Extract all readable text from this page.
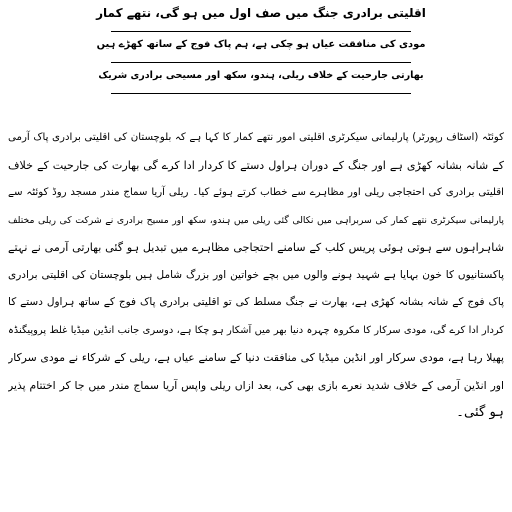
اقلیتی برادری جنگ میں صف اول میں ہو گی، نتھے کمار
مودی کی منافقت عیاں ہو چکی ہے، ہم پاک فوج کے ساتھ کھڑے ہیں
بھارتی جارحیت کے خلاف ریلی، ہندو، سکھ اور مسیحی برادری شریک
کوئٹہ (اسٹاف رپورٹر) پارلیمانی سیکرٹری اقلیتی امور نتھے کمار کا کہا ہے کہ بلوچستان کی اقلیتی برادری پاک آرمی
کے شانہ بشانہ کھڑی ہے اور جنگ کے دوران ہراول دستے کا کردار ادا کرے گی بھارت کی جارحیت کے خلاف
اقلیتی برادری کی احتجاجی ریلی اور مظاہرے سے خطاب کرتے ہوئے کیا۔ ریلی آریا سماج مندر مسجد روڈ کوئٹہ سے
پارلیمانی سیکرٹری نتھے کمار کی سربراہی میں نکالی گئی ریلی میں ہندو، سکھ اور مسیح برادری نے شرکت کی ریلی مختلف
شاہراہوں سے ہوتی ہوئی پریس کلب کے سامنے احتجاجی مظاہرے میں تبدیل ہو گئی بھارتی آرمی نے نہتے
پاکستانیوں کا خون بہایا ہے شہید ہونے والوں میں بچے خواتین اور بزرگ شامل ہیں بلوچستان کی اقلیتی برادری
پاک فوج کے شانہ بشانہ کھڑی ہے، بھارت نے جنگ مسلط کی تو اقلیتی برادری پاک فوج کے ساتھ ہراول دستے کا
کردار ادا کرے گی، مودی سرکار کا مکروہ چہرہ دنیا بھر میں آشکار ہو چکا ہے، دوسری جانب انڈین میڈیا غلط پروپیگنڈہ
پھیلا رہا ہے، مودی سرکار اور انڈین میڈیا کی منافقت دنیا کے سامنے عیاں ہے، ریلی کے شرکاء نے مودی سرکار
اور انڈین آرمی کے خلاف شدید نعرے بازی بھی کی، بعد ازاں ریلی واپس آریا سماج مندر میں جا کر اختتام پذیر
ہو گئی۔
